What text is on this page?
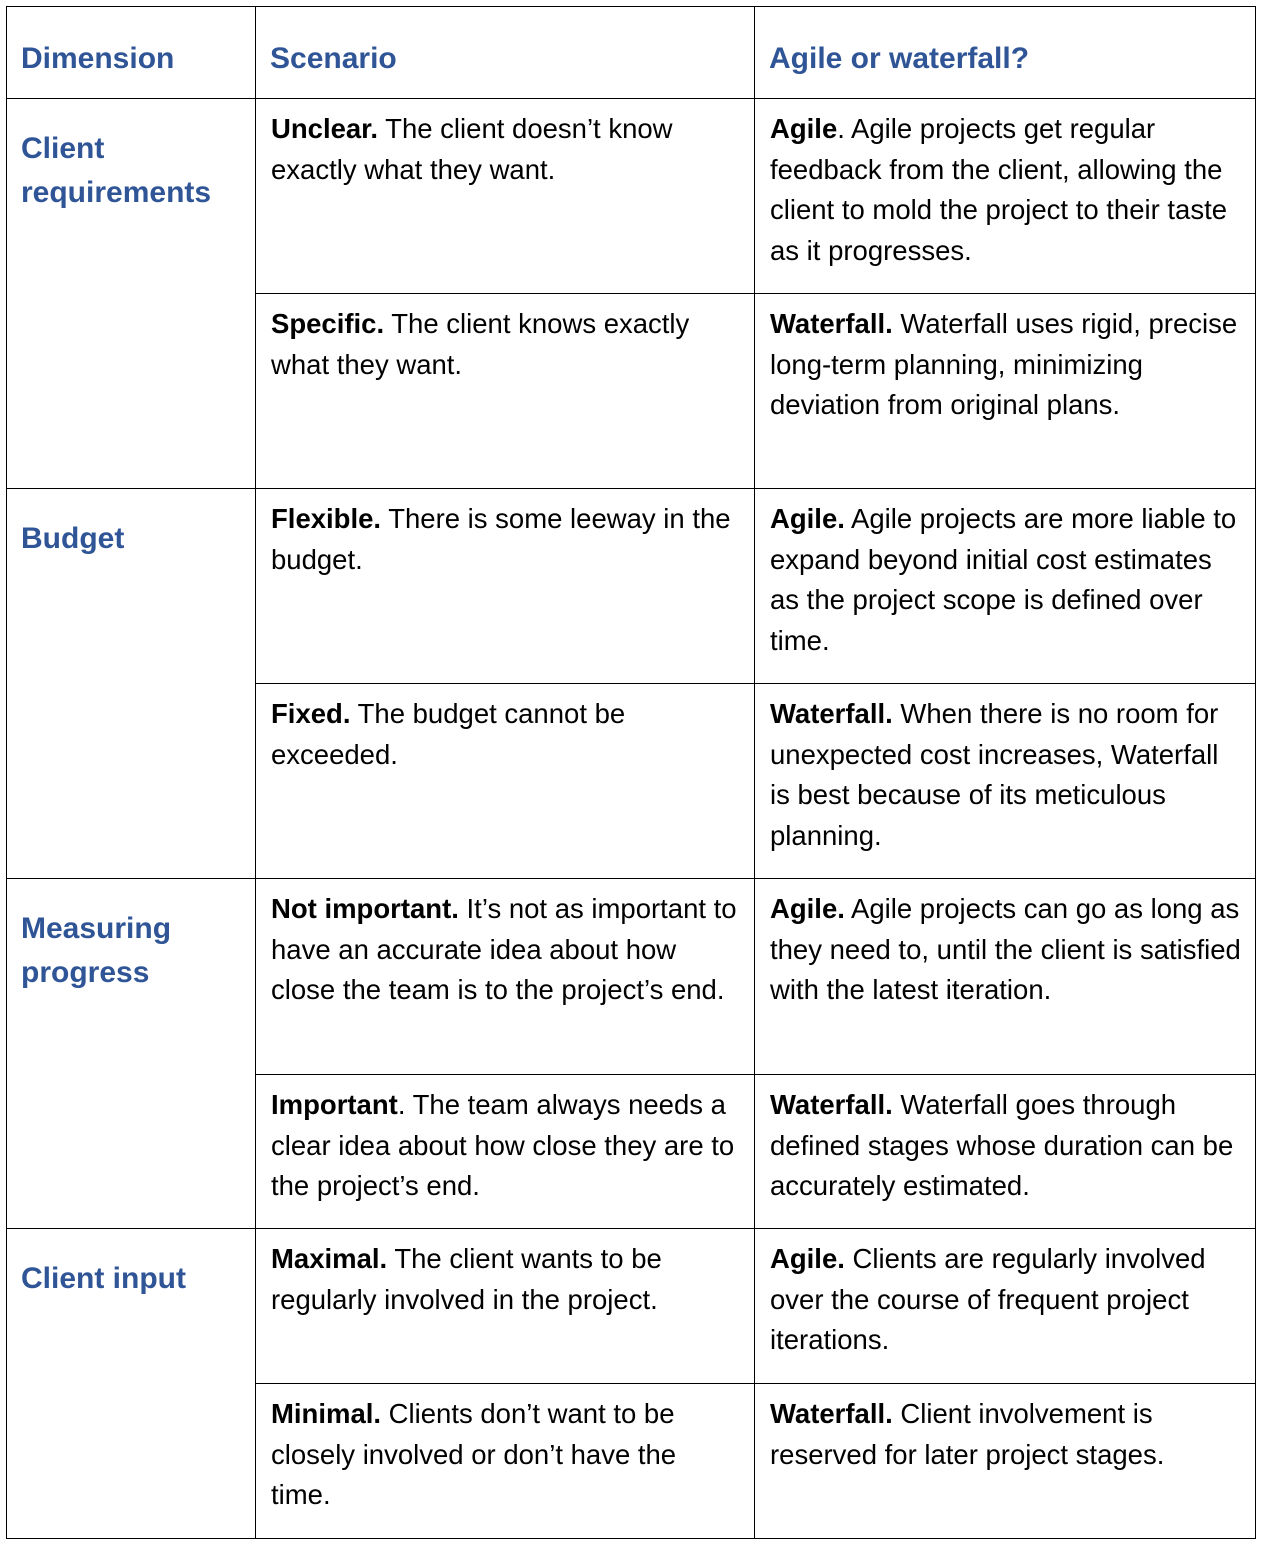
Dimension	Scenario	Agile or waterfall?
Client requirements	Unclear. The client doesn’t know exactly what they want.	Agile. Agile projects get regular feedback from the client, allowing the client to mold the project to their taste as it progresses.
	Specific. The client knows exactly what they want.	Waterfall. Waterfall uses rigid, precise long-term planning, minimizing deviation from original plans.
Budget	Flexible. There is some leeway in the budget.	Agile. Agile projects are more liable to expand beyond initial cost estimates as the project scope is defined over time.
	Fixed. The budget cannot be exceeded.	Waterfall. When there is no room for unexpected cost increases, Waterfall is best because of its meticulous planning.
Measuring progress	Not important. It’s not as important to have an accurate idea about how close the team is to the project’s end.	Agile. Agile projects can go as long as they need to, until the client is satisfied with the latest iteration.
	Important. The team always needs a clear idea about how close they are to the project’s end.	Waterfall. Waterfall goes through defined stages whose duration can be accurately estimated.
Client input	Maximal. The client wants to be regularly involved in the project.	Agile. Clients are regularly involved over the course of frequent project iterations.
	Minimal. Clients don’t want to be closely involved or don’t have the time.	Waterfall. Client involvement is reserved for later project stages.
